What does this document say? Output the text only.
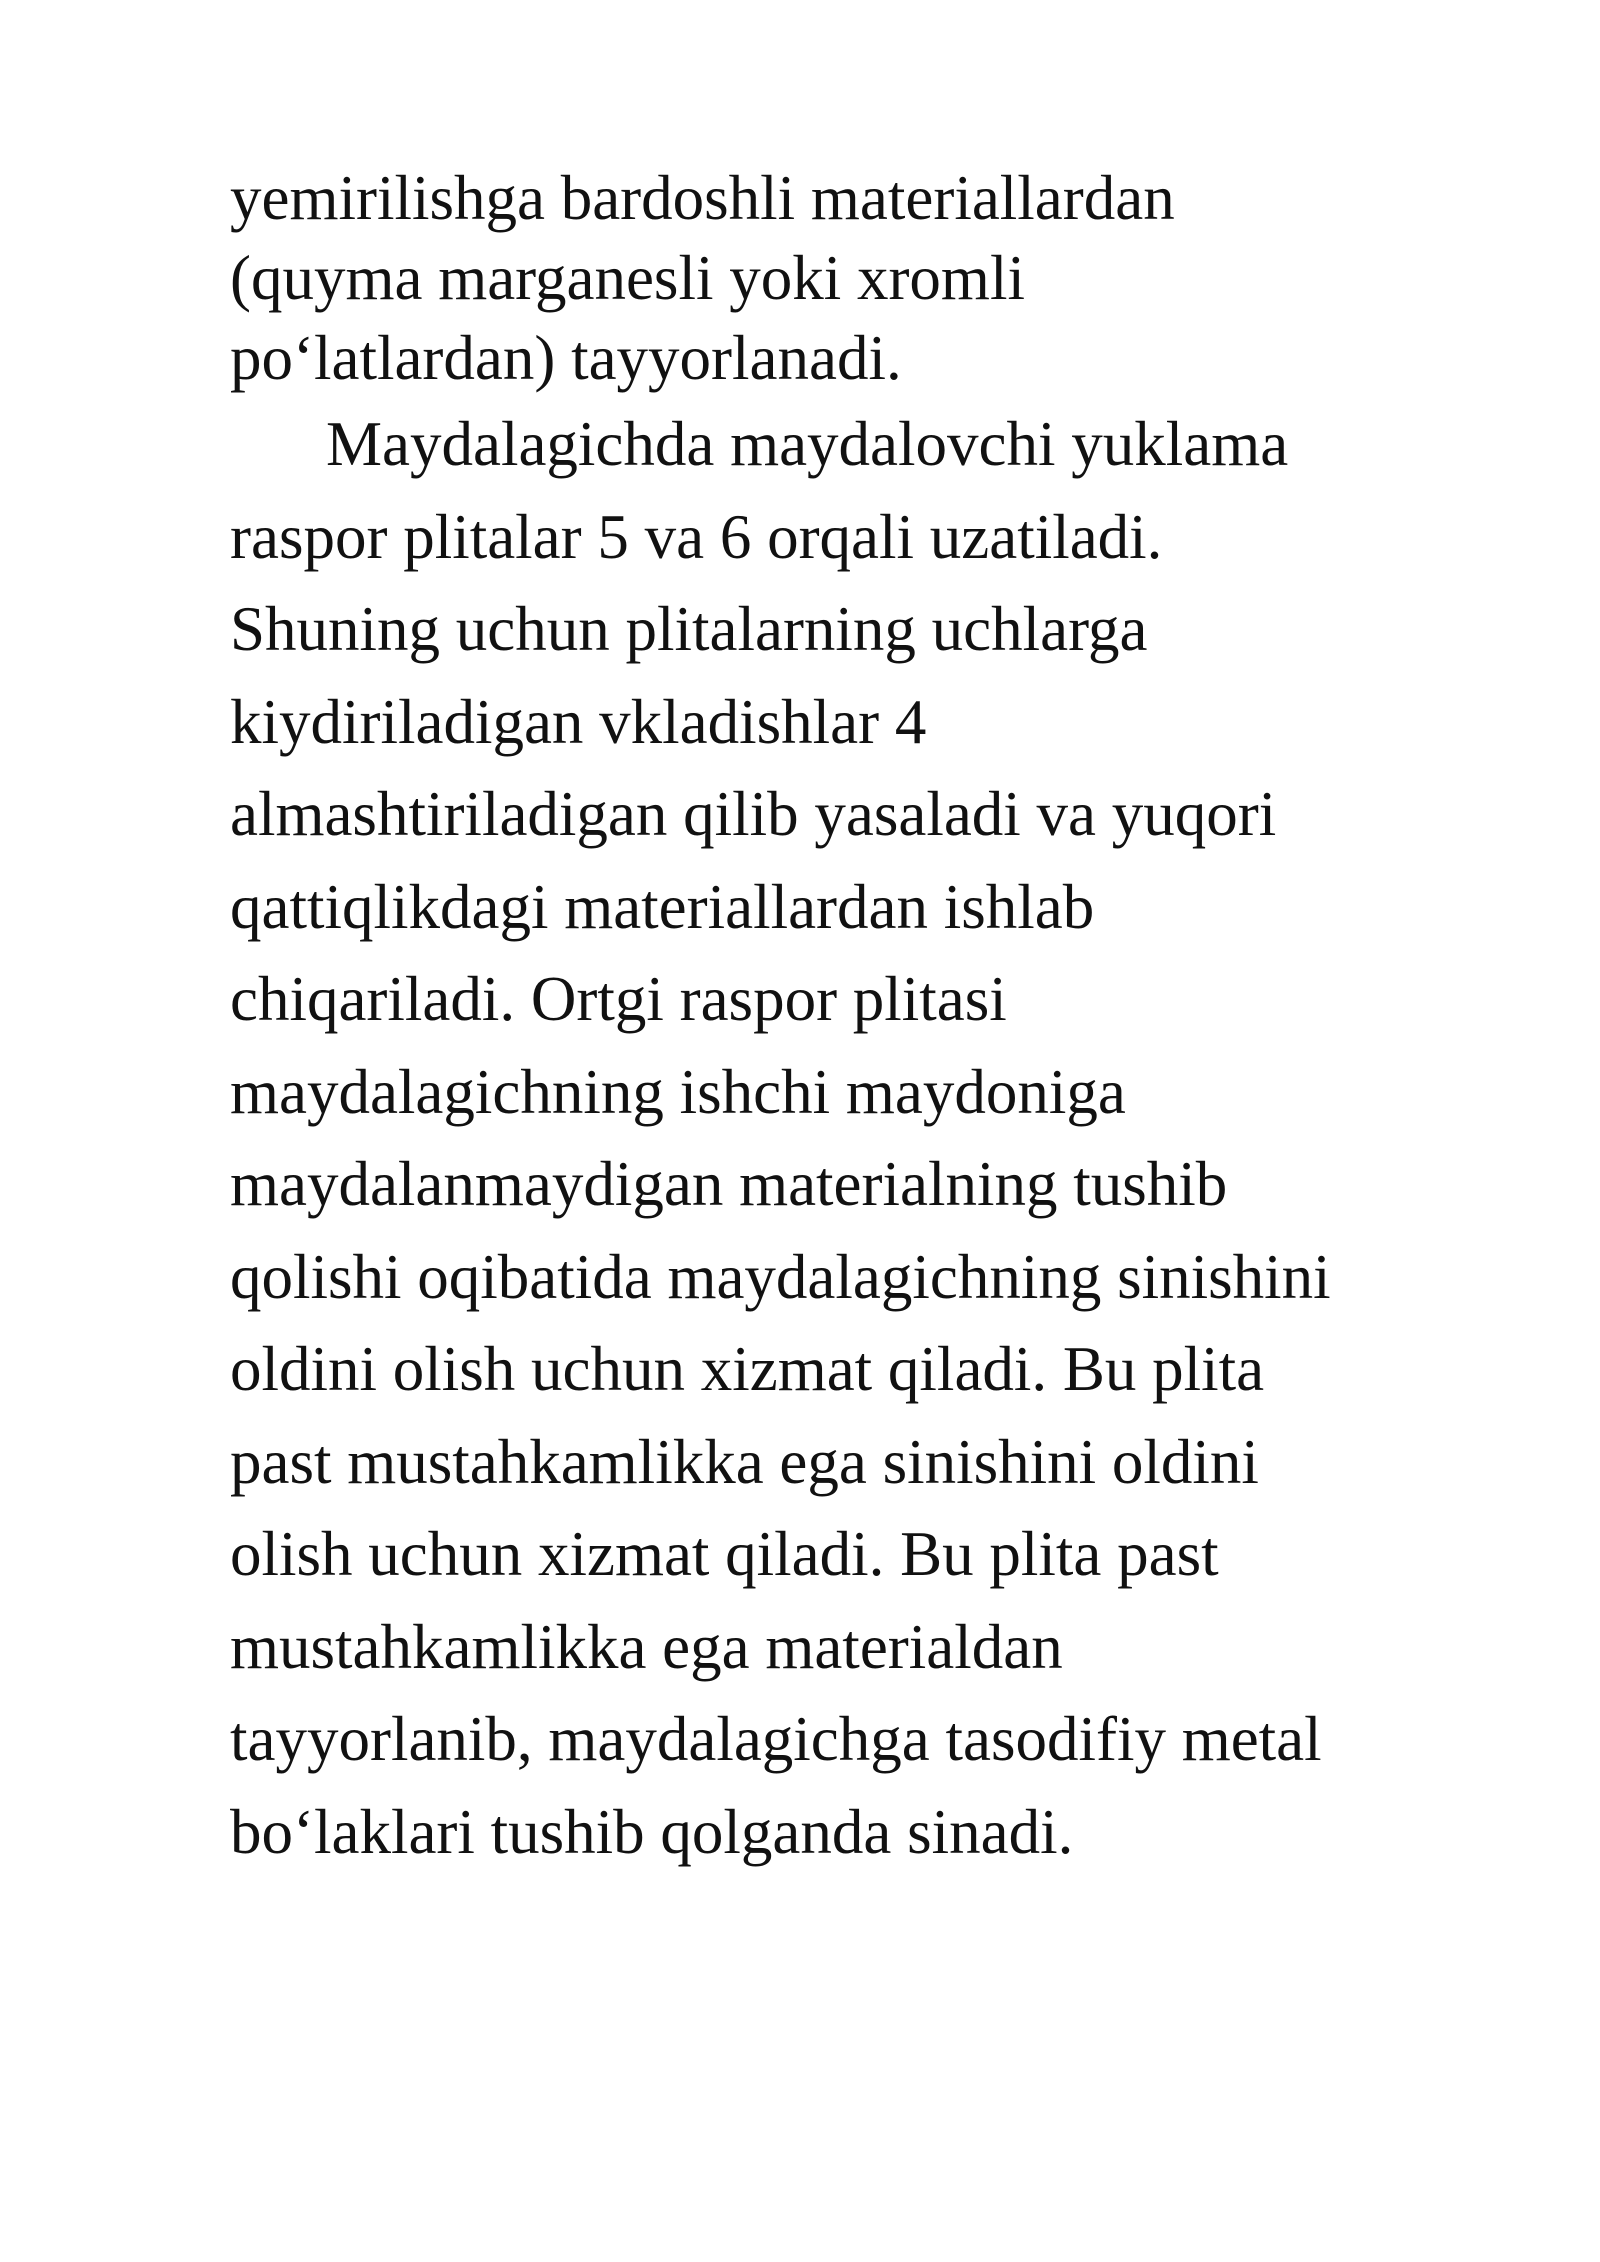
yemirilishga bardoshli materiallardan
(quyma marganesli yoki xromli
po‘latlardan) tayyorlanadi.
Maydalagichda maydalovchi yuklama
raspor plitalar 5 va 6 orqali uzatiladi.
Shuning uchun plitalarning uchlarga
kiydiriladigan vkladishlar 4
almashtiriladigan qilib yasaladi va yuqori
qattiqlikdagi materiallardan ishlab
chiqariladi. Ortgi raspor plitasi
maydalagichning ishchi maydoniga
maydalanmaydigan materialning tushib
qolishi oqibatida maydalagichning sinishini
oldini olish uchun xizmat qiladi. Bu plita
past mustahkamlikka ega sinishini oldini
olish uchun xizmat qiladi. Bu plita past
mustahkamlikka ega materialdan
tayyorlanib, maydalagichga tasodifiy metal
bo‘laklari tushib qolganda sinadi.
